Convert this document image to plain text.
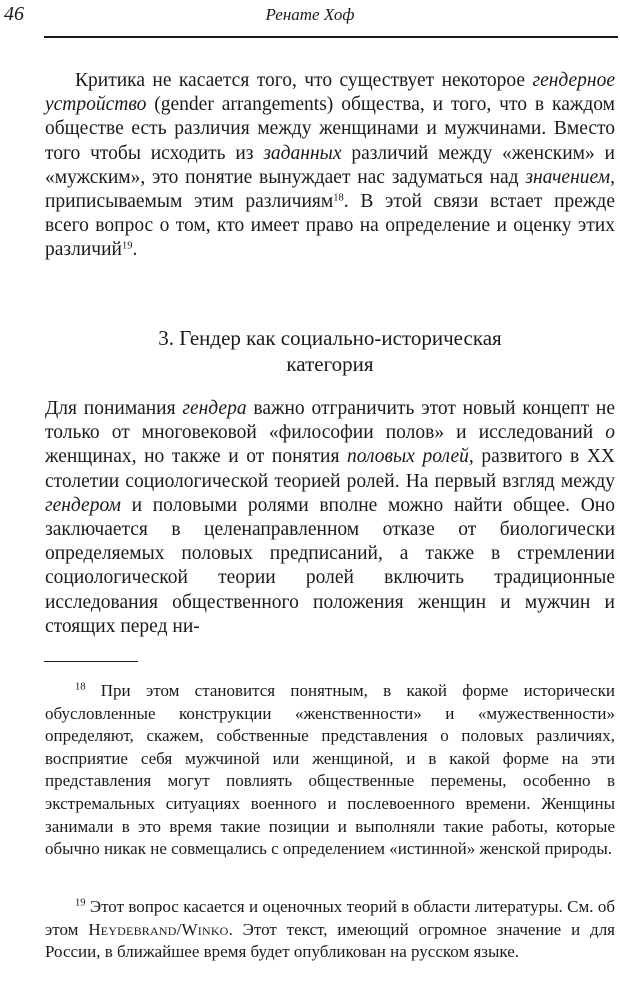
46	Ренате Хоф

Критика не касается того, что существует некоторое гендерное устройство (gender arrangements) общества, и того, что в каждом обществе есть различия между женщинами и мужчинами. Вместо того чтобы исходить из заданных различий между «женским» и «мужским», это понятие вынуждает нас задуматься над значением, приписываемым этим различиям$^{18}$. В этой связи встает прежде всего вопрос о том, кто имеет право на определение и оценку этих различий$^{19}$.

3. Гендер как социально-историческая
категория

Для понимания гендера важно отграничить этот новый концепт не только от многовековой «философии полов» и исследований о женщинах, но также и от понятия половых ролей, развитого в XX столетии социологической теорией ролей. На первый взгляд между гендером и половыми ролями вполне можно найти общее. Оно заключается в целенаправленном отказе от биологически определяемых половых предписаний, а также в стремлении социологической теории ролей включить традиционные исследования общественного положения женщин и мужчин и стоящих перед ни-

$^{18}$ При этом становится понятным, в какой форме исторически обусловленные конструкции «женственности» и «мужественности» определяют, скажем, собственные представления о половых различиях, восприятие себя мужчиной или женщиной, и в какой форме на эти представления могут повлиять общественные перемены, особенно в экстремальных ситуациях военного и послевоенного времени. Женщины занимали в это время такие позиции и выполняли такие работы, которые обычно никак не совмещались с определением «истинной» женской природы.

$^{19}$ Этот вопрос касается и оценочных теорий в области литературы. См. об этом Heydebrand/Winko. Этот текст, имеющий огромное значение и для России, в ближайшее время будет опубликован на русском языке.
